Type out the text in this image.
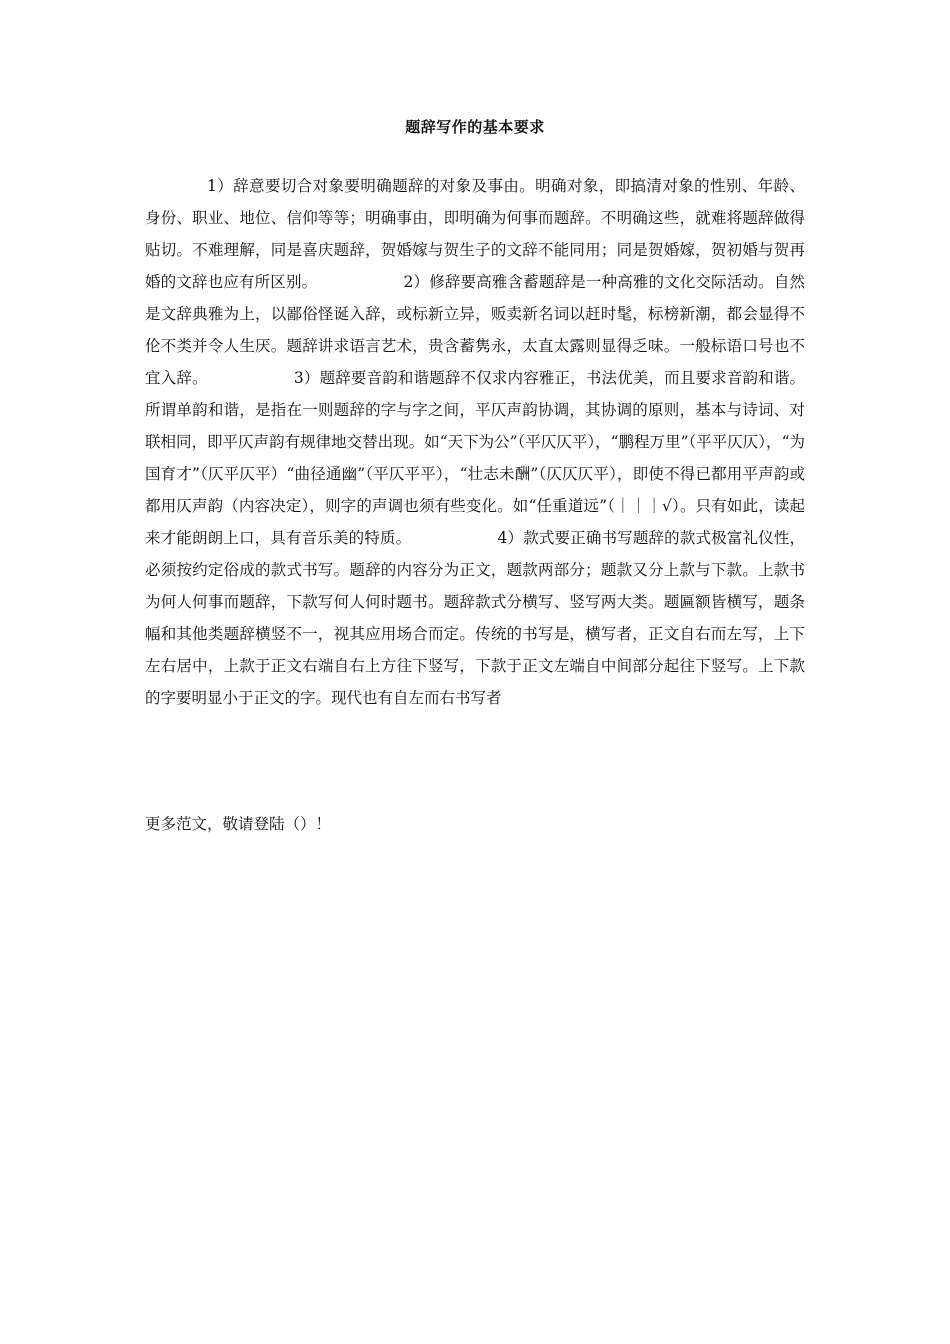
题辞写作的基本要求

1）辞意要切合对象要明确题辞的对象及事由。明确对象，即搞清对象的性别、年龄、身份、职业、地位、信仰等等；明确事由，即明确为何事而题辞。不明确这些，就难将题辞做得贴切。不难理解，同是喜庆题辞，贺婚嫁与贺生子的文辞不能同用；同是贺婚嫁，贺初婚与贺再婚的文辞也应有所区别。　　　　　　2）修辞要高雅含蓄题辞是一种高雅的文化交际活动。自然是文辞典雅为上，以鄙俗怪诞入辞，或标新立异，贩卖新名词以赶时髦，标榜新潮，都会显得不伦不类并令人生厌。题辞讲求语言艺术，贵含蓄隽永，太直太露则显得乏味。一般标语口号也不宜入辞。　　　　　　3）题辞要音韵和谐题辞不仅求内容雅正，书法优美，而且要求音韵和谐。所谓单韵和谐，是指在一则题辞的字与字之间，平仄声韵协调，其协调的原则，基本与诗词、对联相同，即平仄声韵有规律地交替出现。如“天下为公”（平仄仄平），“鹏程万里”（平平仄仄），“为国育才”（仄平仄平）“曲径通幽”（平仄平平），“壮志未酬”（仄仄仄平），即使不得已都用平声韵或都用仄声韵（内容决定），则字的声调也须有些变化。如“任重道远”（｜｜｜√）。只有如此，读起来才能朗朗上口，具有音乐美的特质。　　　　　　4）款式要正确书写题辞的款式极富礼仪性，必须按约定俗成的款式书写。题辞的内容分为正文，题款两部分；题款又分上款与下款。上款书为何人何事而题辞，下款写何人何时题书。题辞款式分横写、竖写两大类。题匾额皆横写，题条幅和其他类题辞横竖不一，视其应用场合而定。传统的书写是，横写者，正文自右而左写，上下左右居中，上款于正文右端自右上方往下竖写，下款于正文左端自中间部分起往下竖写。上下款的字要明显小于正文的字。现代也有自左而右书写者

更多范文，敬请登陆（）！
